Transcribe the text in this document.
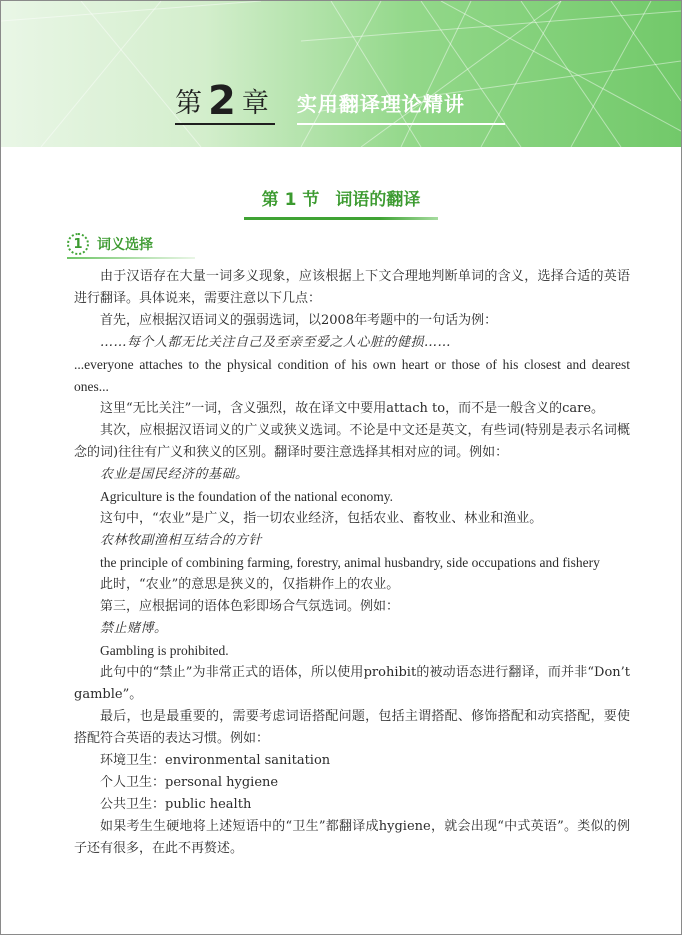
第 2 章 实用翻译理论精讲
第 1 节 词语的翻译
1	词义选择

由于汉语存在大量一词多义现象，应该根据上下文合理地判断单词的含义，选择合适的英语进行翻译。具体说来，需要注意以下几点：

首先，应根据汉语词义的强弱选词，以2008年考题中的一句话为例：

……每个人都无比关注自己及至亲至爱之人心脏的健损……

...everyone attaches to the physical condition of his own heart or those of his closest and dearest ones...

这里“无比关注”一词，含义强烈，故在译文中要用attach to，而不是一般含义的care。

其次，应根据汉语词义的广义或狭义选词。不论是中文还是英文，有些词(特别是表示名词概念的词)往往有广义和狭义的区别。翻译时要注意选择其相对应的词。例如：

农业是国民经济的基础。

Agriculture is the foundation of the national economy.

这句中，“农业”是广义，指一切农业经济，包括农业、畜牧业、林业和渔业。

农林牧副渔相互结合的方针

the principle of combining farming, forestry, animal husbandry, side occupations and fishery

此时，“农业”的意思是狭义的，仅指耕作上的农业。

第三，应根据词的语体色彩即场合气氛选词。例如：

禁止赌博。

Gambling is prohibited.

此句中的“禁止”为非常正式的语体，所以使用prohibit的被动语态进行翻译，而并非“Don’t gamble”。

最后，也是最重要的，需要考虑词语搭配问题，包括主谓搭配、修饰搭配和动宾搭配，要使搭配符合英语的表达习惯。例如：

环境卫生：environmental sanitation

个人卫生：personal hygiene

公共卫生：public health

如果考生生硬地将上述短语中的“卫生”都翻译成hygiene，就会出现“中式英语”。类似的例子还有很多，在此不再赘述。
